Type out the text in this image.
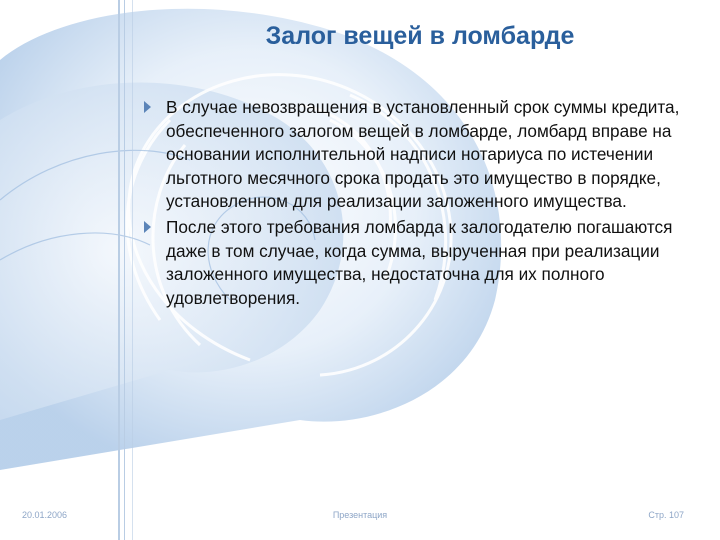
Залог вещей в ломбарде
В случае невозвращения в установленный срок суммы кредита, обеспеченного залогом вещей в ломбарде, ломбард вправе на основании исполнительной надписи нотариуса по истечении льготного месячного срока продать это имущество в порядке, установленном для реализации заложенного имущества.
После этого требования ломбарда к залогодателю погашаются даже в том случае, когда сумма, вырученная при реализации заложенного имущества, недостаточна для их полного удовлетворения.
20.01.2006	Презентация	Стр. 107
